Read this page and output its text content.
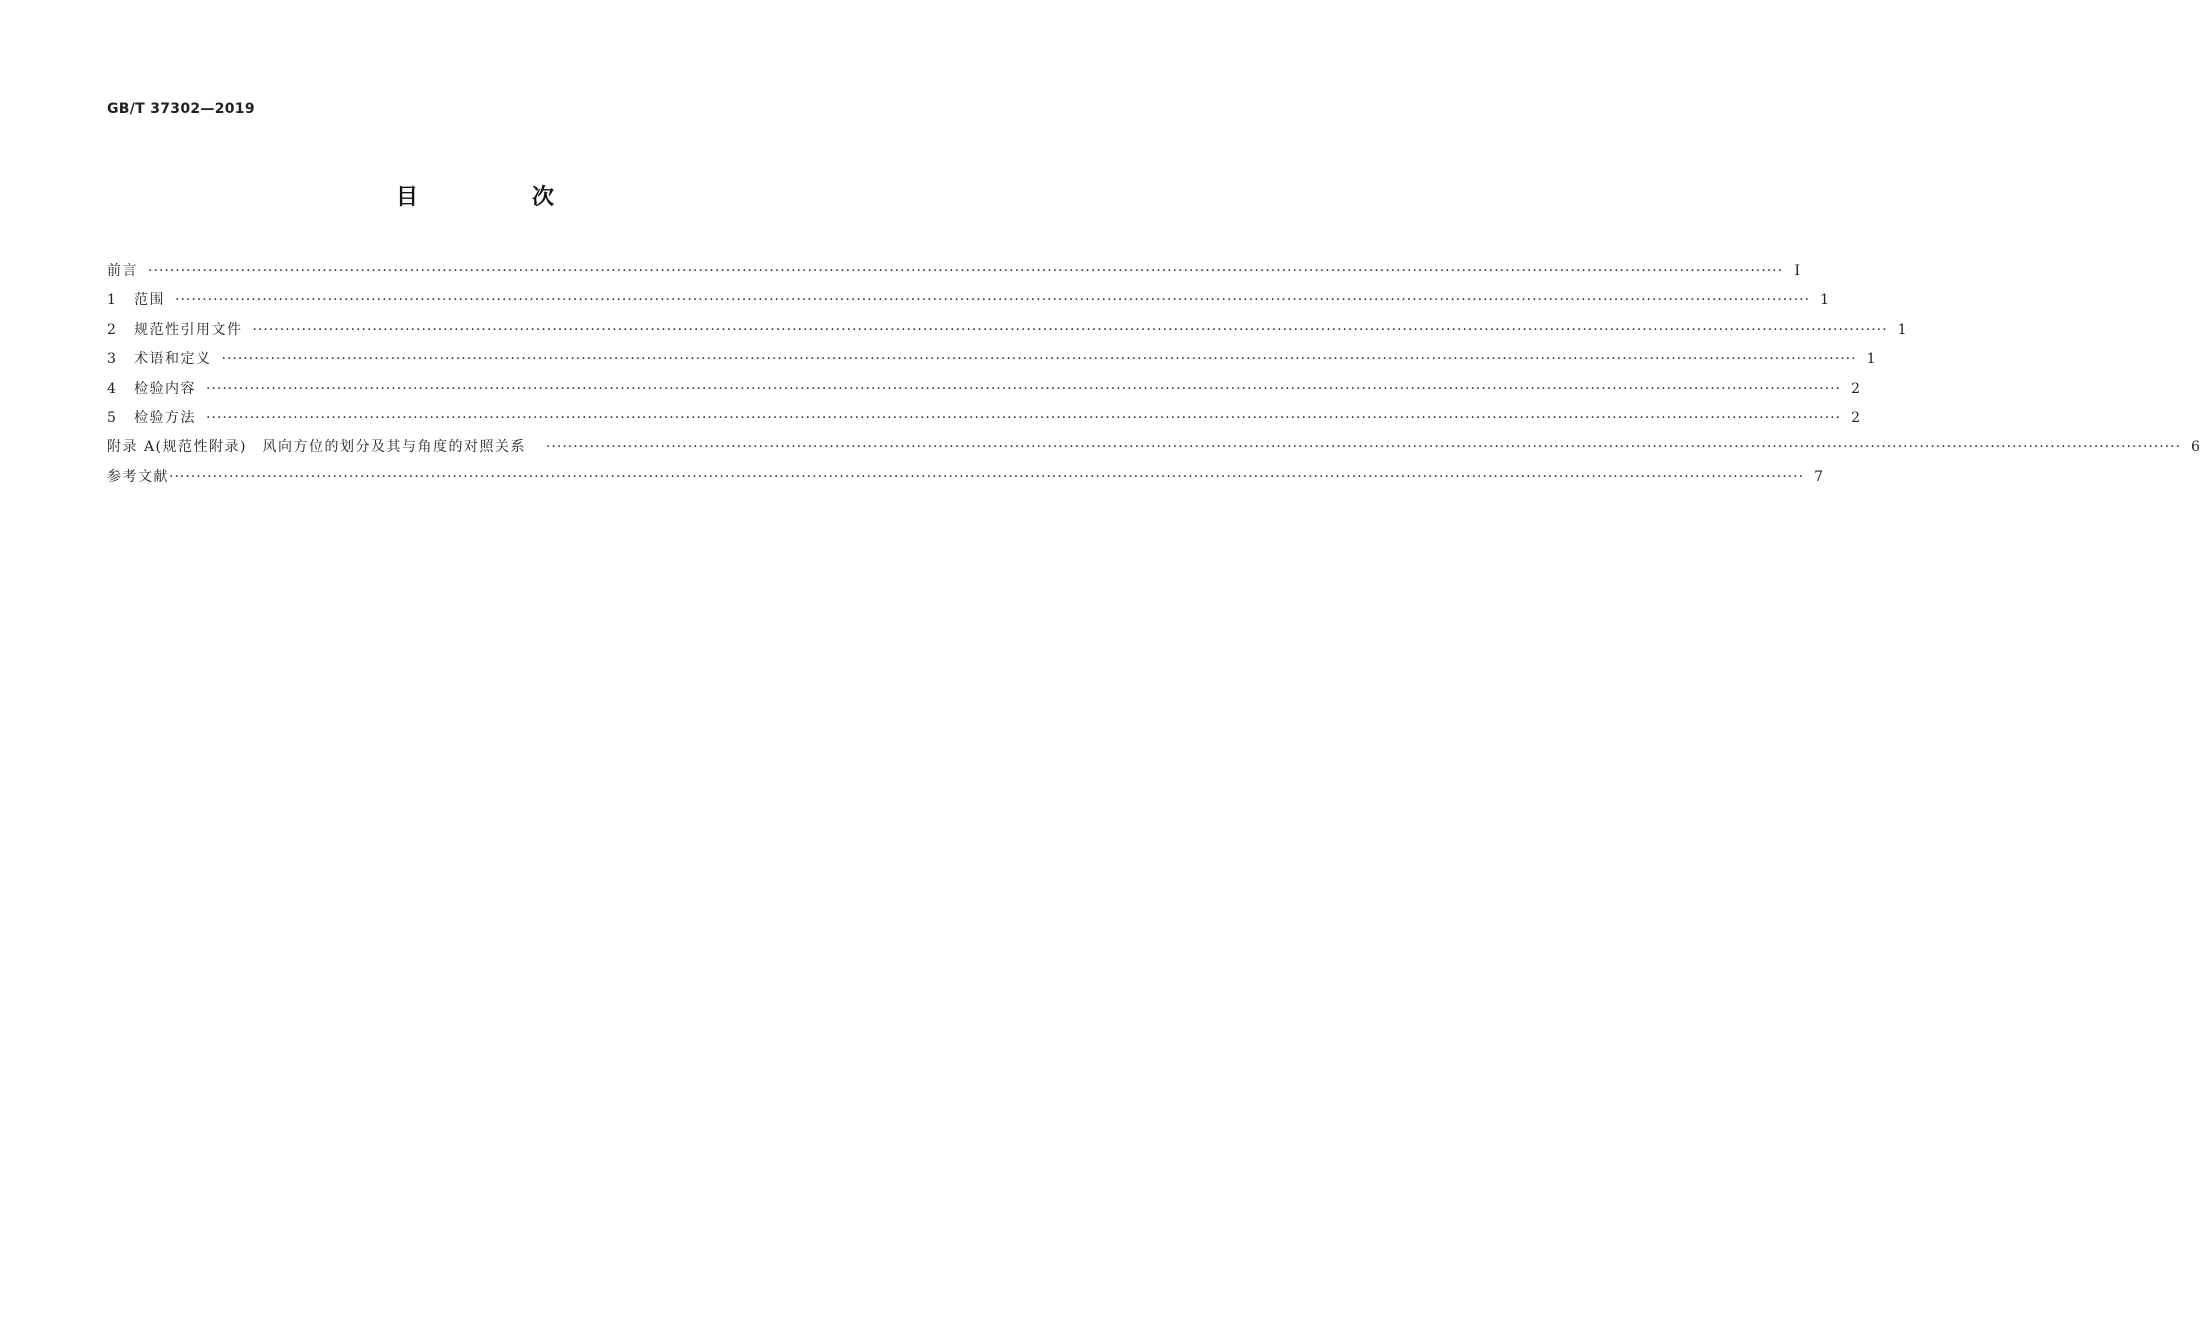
GB/T 37302—2019
目　次
前言 ············································································································································································································································································································ Ⅰ
1	范围 ············································································································································································································································································································ 1
2	规范性引用文件 ············································································································································································································································································································ 1
3	术语和定义 ············································································································································································································································································································ 1
4	检验内容 ············································································································································································································································································································ 2
5	检验方法 ············································································································································································································································································································ 2
附录 A(规范性附录)　风向方位的划分及其与角度的对照关系 ············································································································································································································································································································ 6
参考文献 ············································································································································································································································································································ 7
